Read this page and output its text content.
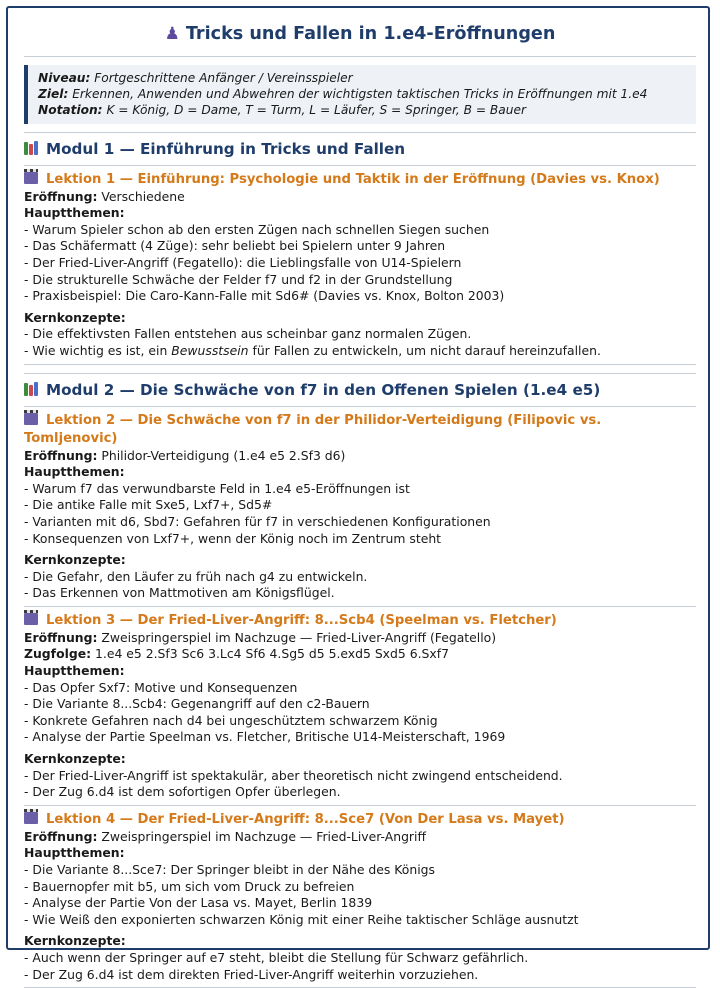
♟ Tricks und Fallen in 1.e4-Eröffnungen
Niveau: Fortgeschrittene Anfänger / Vereinsspieler
Ziel: Erkennen, Anwenden und Abwehren der wichtigsten taktischen Tricks in Eröffnungen mit 1.e4
Notation: K = König, D = Dame, T = Turm, L = Läufer, S = Springer, B = Bauer
Modul 1 — Einführung in Tricks und Fallen
Lektion 1 — Einführung: Psychologie und Taktik in der Eröffnung (Davies vs. Knox)
Eröffnung: Verschiedene
Hauptthemen:
- Warum Spieler schon ab den ersten Zügen nach schnellen Siegen suchen
- Das Schäfermatt (4 Züge): sehr beliebt bei Spielern unter 9 Jahren
- Der Fried-Liver-Angriff (Fegatello): die Lieblingsfalle von U14-Spielern
- Die strukturelle Schwäche der Felder f7 und f2 in der Grundstellung
- Praxisbeispiel: Die Caro-Kann-Falle mit Sd6# (Davies vs. Knox, Bolton 2003)
Kernkonzepte:
- Die effektivsten Fallen entstehen aus scheinbar ganz normalen Zügen.
- Wie wichtig es ist, ein Bewusstsein für Fallen zu entwickeln, um nicht darauf hereinzufallen.
Modul 2 — Die Schwäche von f7 in den Offenen Spielen (1.e4 e5)
Lektion 2 — Die Schwäche von f7 in der Philidor-Verteidigung (Filipovic vs. Tomljenovic)
Eröffnung: Philidor-Verteidigung (1.e4 e5 2.Sf3 d6)
Hauptthemen:
- Warum f7 das verwundbarste Feld in 1.e4 e5-Eröffnungen ist
- Die antike Falle mit Sxe5, Lxf7+, Sd5#
- Varianten mit d6, Sbd7: Gefahren für f7 in verschiedenen Konfigurationen
- Konsequenzen von Lxf7+, wenn der König noch im Zentrum steht
Kernkonzepte:
- Die Gefahr, den Läufer zu früh nach g4 zu entwickeln.
- Das Erkennen von Mattmotiven am Königsflügel.
Lektion 3 — Der Fried-Liver-Angriff: 8...Scb4 (Speelman vs. Fletcher)
Eröffnung: Zweispringerspiel im Nachzuge — Fried-Liver-Angriff (Fegatello)
Zugfolge: 1.e4 e5 2.Sf3 Sc6 3.Lc4 Sf6 4.Sg5 d5 5.exd5 Sxd5 6.Sxf7
Hauptthemen:
- Das Opfer Sxf7: Motive und Konsequenzen
- Die Variante 8...Scb4: Gegenangriff auf den c2-Bauern
- Konkrete Gefahren nach d4 bei ungeschütztem schwarzem König
- Analyse der Partie Speelman vs. Fletcher, Britische U14-Meisterschaft, 1969
Kernkonzepte:
- Der Fried-Liver-Angriff ist spektakulär, aber theoretisch nicht zwingend entscheidend.
- Der Zug 6.d4 ist dem sofortigen Opfer überlegen.
Lektion 4 — Der Fried-Liver-Angriff: 8...Sce7 (Von Der Lasa vs. Mayet)
Eröffnung: Zweispringerspiel im Nachzuge — Fried-Liver-Angriff
Hauptthemen:
- Die Variante 8...Sce7: Der Springer bleibt in der Nähe des Königs
- Bauernopfer mit b5, um sich vom Druck zu befreien
- Analyse der Partie Von der Lasa vs. Mayet, Berlin 1839
- Wie Weiß den exponierten schwarzen König mit einer Reihe taktischer Schläge ausnutzt
Kernkonzepte:
- Auch wenn der Springer auf e7 steht, bleibt die Stellung für Schwarz gefährlich.
- Der Zug 6.d4 ist dem direkten Fried-Liver-Angriff weiterhin vorzuziehen.
